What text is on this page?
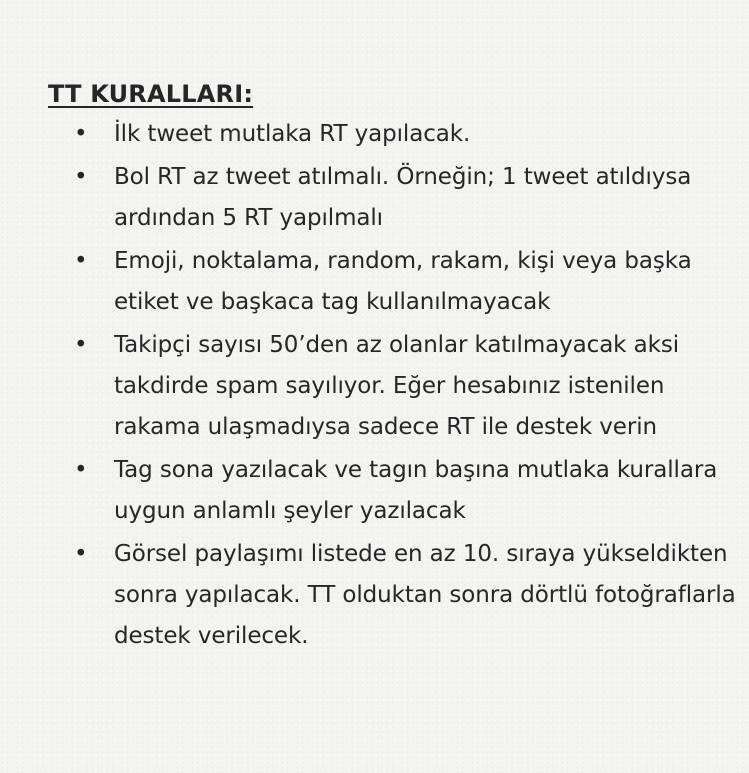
TT KURALLARI:
• İlk tweet mutlaka RT yapılacak.
• Bol RT az tweet atılmalı. Örneğin; 1 tweet atıldıysa ardından 5 RT yapılmalı
• Emoji, noktalama, random, rakam, kişi veya başka etiket ve başkaca tag kullanılmayacak
• Takipçi sayısı 50’den az olanlar katılmayacak aksi takdirde spam sayılıyor. Eğer hesabınız istenilen rakama ulaşmadıysa sadece RT ile destek verin
• Tag sona yazılacak ve tagın başına mutlaka kurallara uygun anlamlı şeyler yazılacak
• Görsel paylaşımı listede en az 10. sıraya yükseldikten sonra yapılacak. TT olduktan sonra dörtlü fotoğraflarla destek verilecek.
